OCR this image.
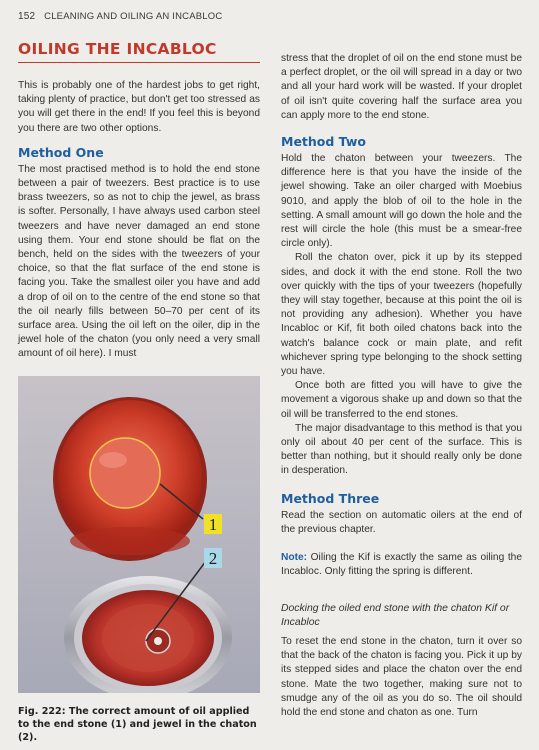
152 CLEANING AND OILING AN INCABLOC
OILING THE INCABLOC

This is probably one of the hardest jobs to get right, taking plenty of practice, but don't get too stressed as you will get there in the end! If you feel this is beyond you there are two other options.

Method One

The most practised method is to hold the end stone between a pair of tweezers. Best practice is to use brass tweezers, so as not to chip the jewel, as brass is softer. Personally, I have always used carbon steel tweezers and have never damaged an end stone using them. Your end stone should be flat on the bench, held on the sides with the tweezers of your choice, so that the flat surface of the end stone is facing you. Take the smallest oiler you have and add a drop of oil on to the centre of the end stone so that the oil nearly fills between 50–70 per cent of its surface area. Using the oil left on the oiler, dip in the jewel hole of the chaton (you only need a very small amount of oil here). I must

1
2
Fig. 222: The correct amount of oil applied to the end stone (1) and jewel in the chaton (2).

stress that the droplet of oil on the end stone must be a perfect droplet, or the oil will spread in a day or two and all your hard work will be wasted. If your droplet of oil isn't quite covering half the surface area you can apply more to the end stone.

Method Two

Hold the chaton between your tweezers. The difference here is that you have the inside of the jewel showing. Take an oiler charged with Moebius 9010, and apply the blob of oil to the hole in the setting. A small amount will go down the hole and the rest will circle the hole (this must be a smear-free circle only).

Roll the chaton over, pick it up by its stepped sides, and dock it with the end stone. Roll the two over quickly with the tips of your tweezers (hopefully they will stay together, because at this point the oil is not providing any adhesion). Whether you have Incabloc or Kif, fit both oiled chatons back into the watch's balance cock or main plate, and refit whichever spring type belonging to the shock setting you have.

Once both are fitted you will have to give the movement a vigorous shake up and down so that the oil will be transferred to the end stones.

The major disadvantage to this method is that you only oil about 40 per cent of the surface. This is better than nothing, but it should really only be done in desperation.

Method Three

Read the section on automatic oilers at the end of the previous chapter.

Note: Oiling the Kif is exactly the same as oiling the Incabloc. Only fitting the spring is different.

Docking the oiled end stone with the chaton Kif or Incabloc

To reset the end stone in the chaton, turn it over so that the back of the chaton is facing you. Pick it up by its stepped sides and place the chaton over the end stone. Mate the two together, making sure not to smudge any of the oil as you do so. The oil should hold the end stone and chaton as one. Turn
